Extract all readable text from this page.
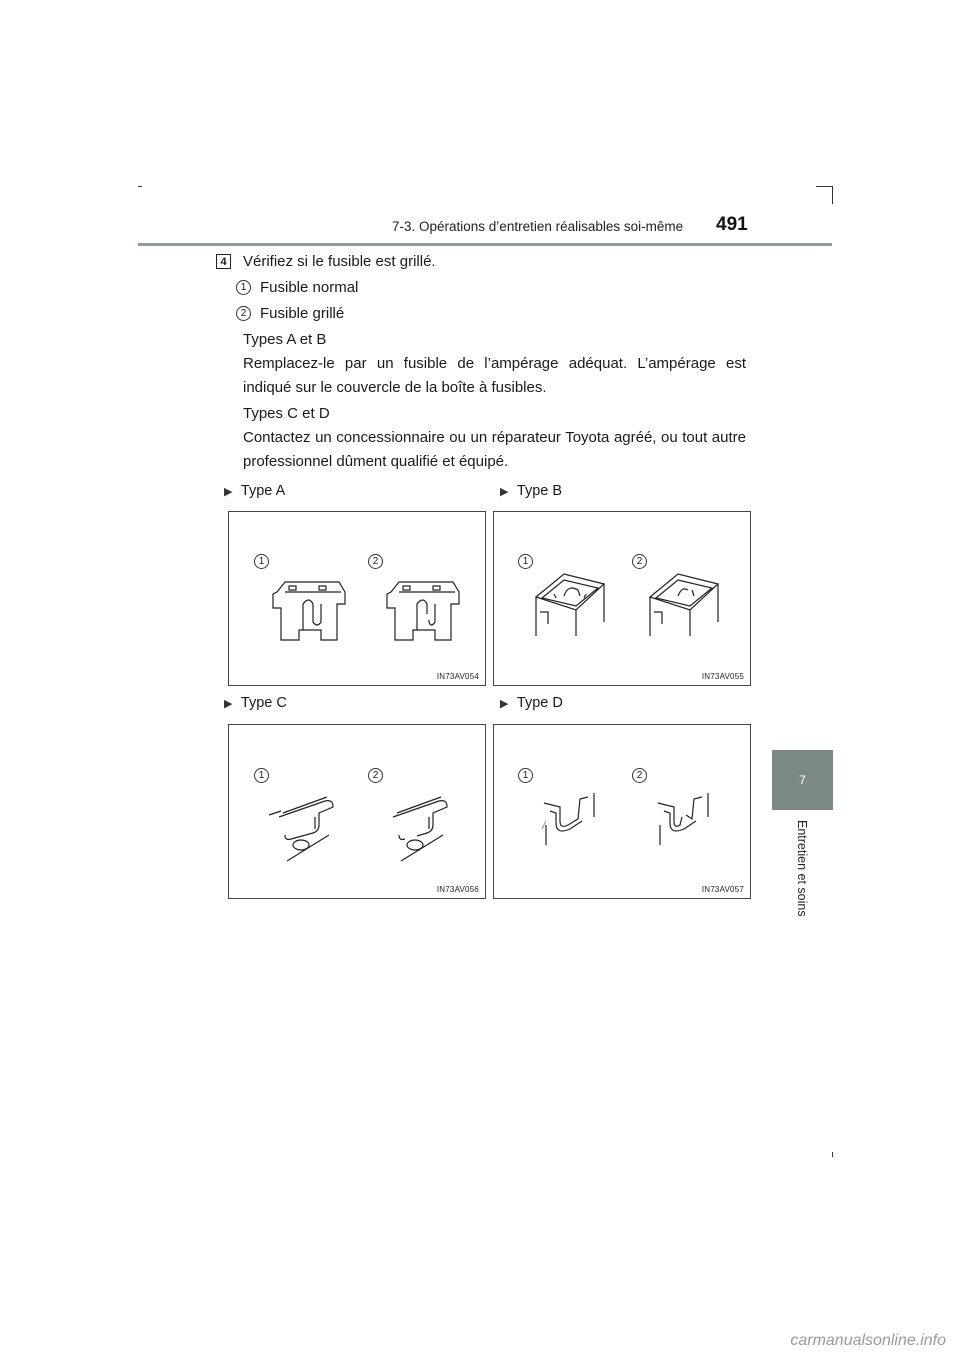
7-3. Opérations d’entretien réalisables soi-même 491
7
Entretien et soins
4 Vérifiez si le fusible est grillé.
1 Fusible normal
2 Fusible grillé
Types A et B
Remplacez-le par un fusible de l’ampérage adéquat. L’ampérage est indiqué sur le couvercle de la boîte à fusibles.
Types C et D
Contactez un concessionnaire ou un réparateur Toyota agréé, ou tout autre professionnel dûment qualifié et équipé.
▶ Type A	▶ Type B
▶ Type C	▶ Type D
1	2
IN73AV054
1	2
IN73AV055
1	2
IN73AV056
1	2
IN73AV057
carmanualsonline.info
